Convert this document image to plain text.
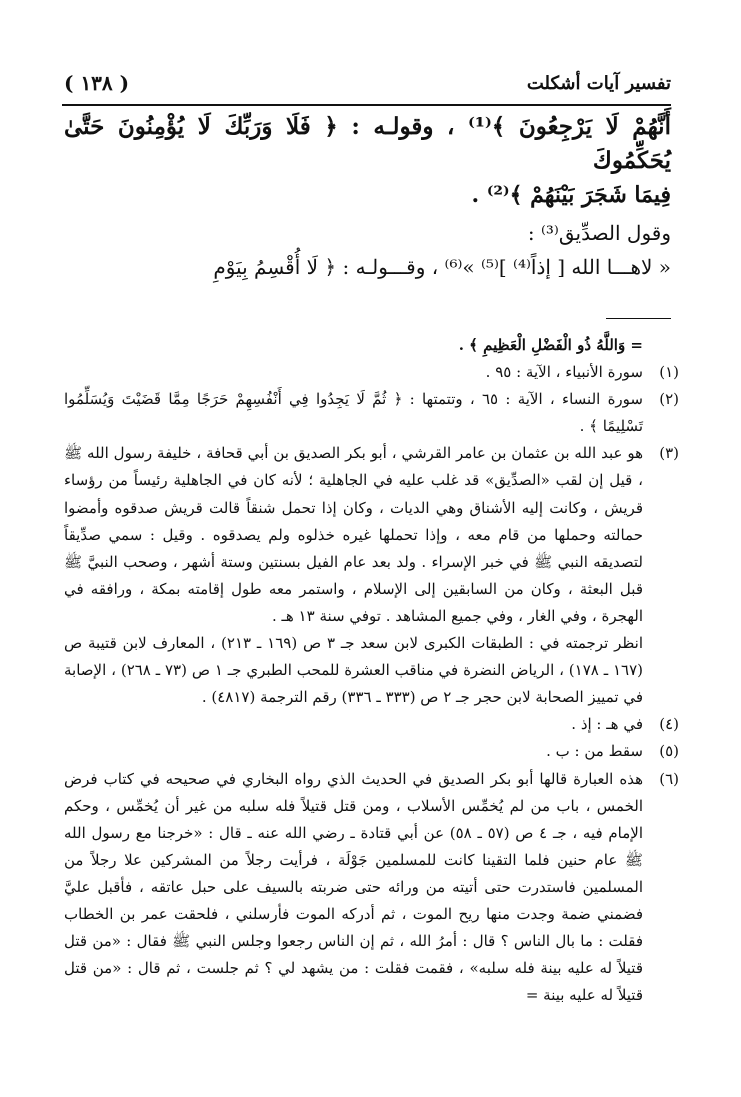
تفسير آيات أشكلت
( ١٣٨ )

أَنَّهُمْ لَا يَرْجِعُونَ ﴾⁽¹⁾ ، وقولـه : ﴿ فَلَا وَرَبِّكَ لَا يُؤْمِنُونَ حَتَّىٰ يُحَكِّمُوكَ

فِيمَا شَجَرَ بَيْنَهُمْ ﴾⁽²⁾ .

وقول الصدِّيق⁽³⁾ :

« لاهـــا الله [ إذاً⁽⁴⁾ ]⁽⁵⁾ »⁽⁶⁾ ، وقـــولـه : ﴿ لَا أُقْسِمُ بِيَوْمِ

= وَاللَّهُ ذُو الْفَضْلِ الْعَظِيمِ ﴾ .
(١)
سورة الأنبياء ، الآية : ٩٥ .
(٢)
سورة النساء ، الآية : ٦٥ ، وتتمتها : ﴿ ثُمَّ لَا يَجِدُوا فِي أَنْفُسِهِمْ حَرَجًا مِمَّا قَضَيْتَ وَيُسَلِّمُوا تَسْلِيمًا ﴾ .
(٣)
هو عبد الله بن عثمان بن عامر القرشي ، أبو بكر الصديق بن أبي قحافة ، خليفة رسول الله ﷺ ، قيل إن لقب «الصدِّيق» قد غلب عليه في الجاهلية ؛ لأنه كان في الجاهلية رئيساً من رؤساء قريش ، وكانت إليه الأشناق وهي الديات ، وكان إذا تحمل شنقاً قالت قريش صدقوه وأمضوا حمالته وحملها من قام معه ، وإذا تحملها غيره خذلوه ولم يصدقوه . وقيل : سمي صدِّيقاً لتصديقه النبي ﷺ في خبر الإسراء . ولد بعد عام الفيل بسنتين وستة أشهر ، وصحب النبيَّ ﷺ قبل البعثة ، وكان من السابقين إلى الإسلام ، واستمر معه طول إقامته بمكة ، ورافقه في الهجرة ، وفي الغار ، وفي جميع المشاهد . توفي سنة ١٣ هـ .
انظر ترجمته في : الطبقات الكبرى لابن سعد جـ ٣ ص (١٦٩ ـ ٢١٣) ، المعارف لابن قتيبة ص (١٦٧ ـ ١٧٨) ، الرياض النضرة في مناقب العشرة للمحب الطبري جـ ١ ص (٧٣ ـ ٢٦٨) ، الإصابة في تمييز الصحابة لابن حجر جـ ٢ ص (٣٣٣ ـ ٣٣٦) رقم الترجمة (٤٨١٧) .
(٤)
في هـ : إذ .
(٥)
سقط من : ب .
(٦)
هذه العبارة قالها أبو بكر الصديق في الحديث الذي رواه البخاري في صحيحه في كتاب فرض الخمس ، باب من لم يُخمِّس الأسلاب ، ومن قتل قتيلاً فله سلبه من غير أن يُخمِّس ، وحكم الإمام فيه ، جـ ٤ ص (٥٧ ـ ٥٨) عن أبي قتادة ـ رضي الله عنه ـ قال : «خرجنا مع رسول الله ﷺ عام حنين فلما التقينا كانت للمسلمين جَوْلَة ، فرأيت رجلاً من المشركين علا رجلاً من المسلمين فاستدرت حتى أتيته من ورائه حتى ضربته بالسيف على حبل عاتقه ، فأقبل عليَّ فضمني ضمة وجدت منها ريح الموت ، ثم أدركه الموت فأرسلني ، فلحقت عمر بن الخطاب فقلت : ما بال الناس ؟ قال : أمرُ الله ، ثم إن الناس رجعوا وجلس النبي ﷺ فقال : «من قتل قتيلاً له عليه بينة فله سلبه» ، فقمت فقلت : من يشهد لي ؟ ثم جلست ، ثم قال : «من قتل قتيلاً له عليه بينة =
